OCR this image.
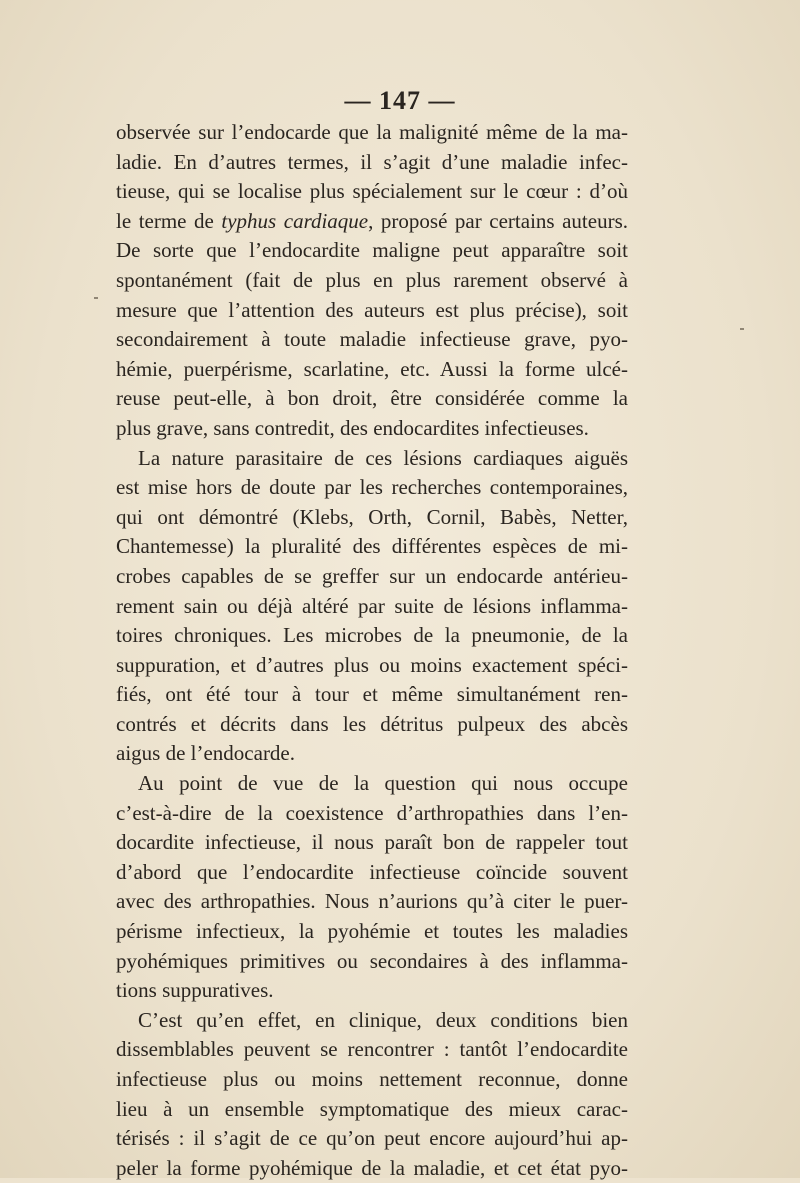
— 147 —
observée sur l’endocarde que la malignité même de la ma-
ladie. En d’autres termes, il s’agit d’une maladie infec-
tieuse, qui se localise plus spécialement sur le cœur : d’où
le terme de typhus cardiaque, proposé par certains auteurs.
De sorte que l’endocardite maligne peut apparaître soit
spontanément (fait de plus en plus rarement observé à
mesure que l’attention des auteurs est plus précise), soit
secondairement à toute maladie infectieuse grave, pyo-
hémie, puerpérisme, scarlatine, etc. Aussi la forme ulcé-
reuse peut-elle, à bon droit, être considérée comme la
plus grave, sans contredit, des endocardites infectieuses.
La nature parasitaire de ces lésions cardiaques aiguës
est mise hors de doute par les recherches contemporaines,
qui ont démontré (Klebs, Orth, Cornil, Babès, Netter,
Chantemesse) la pluralité des différentes espèces de mi-
crobes capables de se greffer sur un endocarde antérieu-
rement sain ou déjà altéré par suite de lésions inflamma-
toires chroniques. Les microbes de la pneumonie, de la
suppuration, et d’autres plus ou moins exactement spéci-
fiés, ont été tour à tour et même simultanément ren-
contrés et décrits dans les détritus pulpeux des abcès
aigus de l’endocarde.
Au point de vue de la question qui nous occupe
c’est-à-dire de la coexistence d’arthropathies dans l’en-
docardite infectieuse, il nous paraît bon de rappeler tout
d’abord que l’endocardite infectieuse coïncide souvent
avec des arthropathies. Nous n’aurions qu’à citer le puer-
périsme infectieux, la pyohémie et toutes les maladies
pyohémiques primitives ou secondaires à des inflamma-
tions suppuratives.
C’est qu’en effet, en clinique, deux conditions bien
dissemblables peuvent se rencontrer : tantôt l’endocardite
infectieuse plus ou moins nettement reconnue, donne
lieu à un ensemble symptomatique des mieux carac-
térisés : il s’agit de ce qu’on peut encore aujourd’hui ap-
peler la forme pyohémique de la maladie, et cet état pyo-
